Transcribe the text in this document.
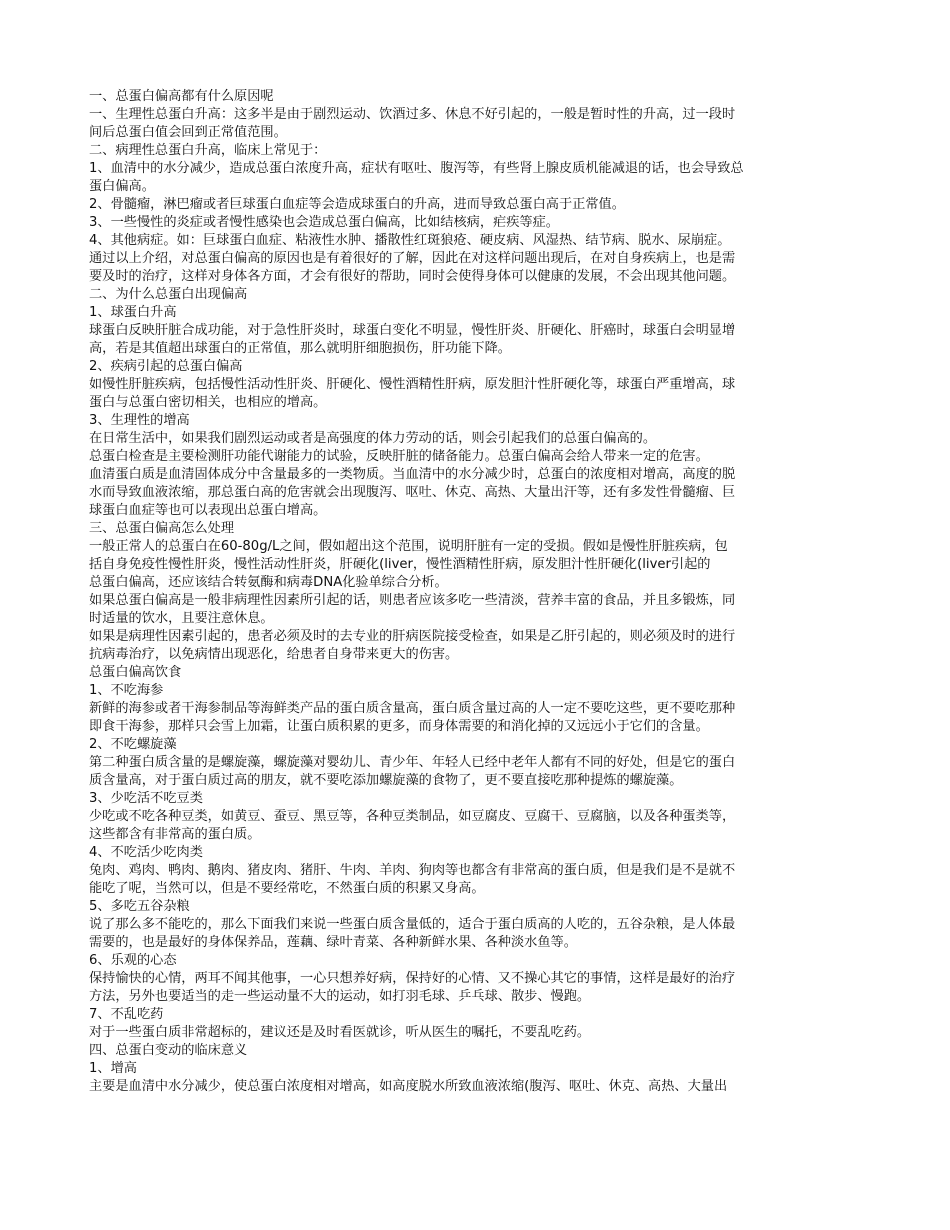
一、总蛋白偏高都有什么原因呢
一、生理性总蛋白升高：这多半是由于剧烈运动、饮酒过多、休息不好引起的，一般是暂时性的升高，过一段时
间后总蛋白值会回到正常值范围。
二、病理性总蛋白升高，临床上常见于：
1、血清中的水分减少，造成总蛋白浓度升高，症状有呕吐、腹泻等，有些肾上腺皮质机能减退的话，也会导致总
蛋白偏高。
2、骨髓瘤，淋巴瘤或者巨球蛋白血症等会造成球蛋白的升高，进而导致总蛋白高于正常值。
3、一些慢性的炎症或者慢性感染也会造成总蛋白偏高，比如结核病，疟疾等症。
4、其他病症。如：巨球蛋白血症、粘液性水肿、播散性红斑狼疮、硬皮病、风湿热、结节病、脱水、尿崩症。
通过以上介绍，对总蛋白偏高的原因也是有着很好的了解，因此在对这样问题出现后，在对自身疾病上，也是需
要及时的治疗，这样对身体各方面，才会有很好的帮助，同时会使得身体可以健康的发展，不会出现其他问题。
二、为什么总蛋白出现偏高
1、球蛋白升高
球蛋白反映肝脏合成功能，对于急性肝炎时，球蛋白变化不明显，慢性肝炎、肝硬化、肝癌时，球蛋白会明显增
高，若是其值超出球蛋白的正常值，那么就明肝细胞损伤，肝功能下降。
2、疾病引起的总蛋白偏高
如慢性肝脏疾病，包括慢性活动性肝炎、肝硬化、慢性酒精性肝病，原发胆汁性肝硬化等，球蛋白严重增高，球
蛋白与总蛋白密切相关，也相应的增高。
3、生理性的增高
在日常生活中，如果我们剧烈运动或者是高强度的体力劳动的话，则会引起我们的总蛋白偏高的。
总蛋白检查是主要检测肝功能代谢能力的试验，反映肝脏的储备能力。总蛋白偏高会给人带来一定的危害。
血清蛋白质是血清固体成分中含量最多的一类物质。当血清中的水分减少时，总蛋白的浓度相对增高，高度的脱
水而导致血液浓缩，那总蛋白高的危害就会出现腹泻、呕吐、休克、高热、大量出汗等，还有多发性骨髓瘤、巨
球蛋白血症等也可以表现出总蛋白增高。
三、总蛋白偏高怎么处理
一般正常人的总蛋白在60-80g/L之间，假如超出这个范围，说明肝脏有一定的受损。假如是慢性肝脏疾病，包
括自身免疫性慢性肝炎，慢性活动性肝炎，肝硬化(liver，慢性酒精性肝病，原发胆汁性肝硬化(liver引起的
总蛋白偏高，还应该结合转氨酶和病毒DNA化验单综合分析。
如果总蛋白偏高是一般非病理性因素所引起的话，则患者应该多吃一些清淡，营养丰富的食品，并且多锻炼，同
时适量的饮水，且要注意休息。
如果是病理性因素引起的，患者必须及时的去专业的肝病医院接受检查，如果是乙肝引起的，则必须及时的进行
抗病毒治疗，以免病情出现恶化，给患者自身带来更大的伤害。
总蛋白偏高饮食
1、不吃海参
新鲜的海参或者干海参制品等海鲜类产品的蛋白质含量高，蛋白质含量过高的人一定不要吃这些，更不要吃那种
即食干海参，那样只会雪上加霜，让蛋白质积累的更多，而身体需要的和消化掉的又远远小于它们的含量。
2、不吃螺旋藻
第二种蛋白质含量的是螺旋藻，螺旋藻对婴幼儿、青少年、年轻人已经中老年人都有不同的好处，但是它的蛋白
质含量高，对于蛋白质过高的朋友，就不要吃添加螺旋藻的食物了，更不要直接吃那种提炼的螺旋藻。
3、少吃活不吃豆类
少吃或不吃各种豆类，如黄豆、蚕豆、黑豆等，各种豆类制品，如豆腐皮、豆腐干、豆腐脑，以及各种蛋类等，
这些都含有非常高的蛋白质。
4、不吃活少吃肉类
兔肉、鸡肉、鸭肉、鹅肉、猪皮肉、猪肝、牛肉、羊肉、狗肉等也都含有非常高的蛋白质，但是我们是不是就不
能吃了呢，当然可以，但是不要经常吃，不然蛋白质的积累又身高。
5、多吃五谷杂粮
说了那么多不能吃的，那么下面我们来说一些蛋白质含量低的，适合于蛋白质高的人吃的，五谷杂粮，是人体最
需要的，也是最好的身体保养品，莲藕、绿叶青菜、各种新鲜水果、各种淡水鱼等。
6、乐观的心态
保持愉快的心情，两耳不闻其他事，一心只想养好病，保持好的心情、又不操心其它的事情，这样是最好的治疗
方法，另外也要适当的走一些运动量不大的运动，如打羽毛球、乒乓球、散步、慢跑。
7、不乱吃药
对于一些蛋白质非常超标的，建议还是及时看医就诊，听从医生的嘱托，不要乱吃药。
四、总蛋白变动的临床意义
1、增高
主要是血清中水分减少，使总蛋白浓度相对增高，如高度脱水所致血液浓缩(腹泻、呕吐、休克、高热、大量出
